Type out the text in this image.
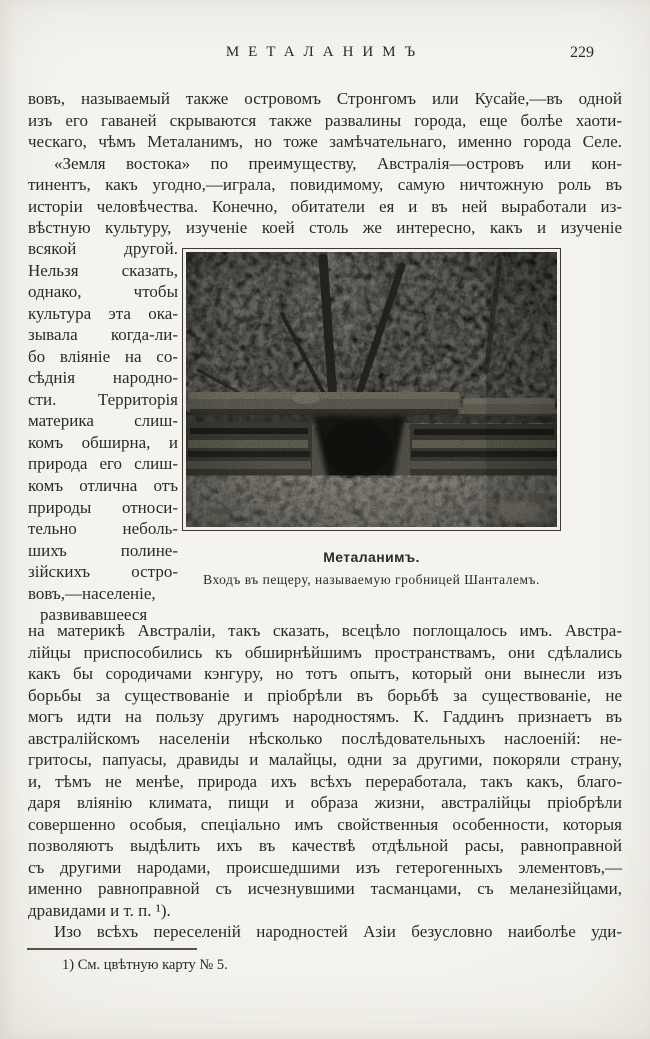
МЕТАЛАНИМЪ	229
вовъ, называемый также островомъ Стронгомъ или Кусайе,—въ одной
изъ его гаваней скрываются также развалины города, еще болѣе хаоти-
ческаго, чѣмъ Металанимъ, но тоже замѣчательнаго, именно города Селе.
«Земля востока» по преимуществу, Австралія—островъ или кон-
тинентъ, какъ угодно,—играла, повидимому, самую ничтожную роль въ
исторіи человѣчества. Конечно, обитатели ея и въ ней выработали из-
вѣстную культуру, изученіе коей столь же интересно, какъ и изученіе
всякой другой.
Нельзя сказать,
однако, чтобы
культура эта ока-
зывала когда-ли-
бо вліяніе на со-
сѣднія народно-
сти. Территорія
материка слиш-
комъ обширна, и
природа его слиш-
комъ отлична отъ
природы относи-
тельно неболь-
шихъ полине-
зійскихъ остро-
вовъ,—населеніе,
развивавшееся
Металанимъ.
Входъ въ пещеру, называемую гробницей Шанталемъ.
на материкѣ Австраліи, такъ сказать, всецѣло поглощалось имъ. Австра-
лійцы приспособились къ обширнѣйшимъ пространствамъ, они сдѣлались
какъ бы сородичами кэнгуру, но тотъ опытъ, который они вынесли изъ
борьбы за существованіе и пріобрѣли въ борьбѣ за существованіе, не
могъ идти на пользу другимъ народностямъ. К. Гаддинъ признаетъ въ
австралійскомъ населеніи нѣсколько послѣдовательныхъ наслоеній: не-
гритосы, папуасы, дравиды и малайцы, одни за другими, покоряли страну,
и, тѣмъ не менѣе, природа ихъ всѣхъ переработала, такъ какъ, благо-
даря вліянію климата, пищи и образа жизни, австралійцы пріобрѣли
совершенно особыя, спеціально имъ свойственныя особенности, которыя
позволяютъ выдѣлить ихъ въ качествѣ отдѣльной расы, равноправной
съ другими народами, происшедшими изъ гетерогенныхъ элементовъ,—
именно равноправной съ исчезнувшими тасманцами, съ меланезійцами,
дравидами и т. п. ¹).
Изо всѣхъ переселеній народностей Азіи безусловно наиболѣе уди-
1) См. цвѣтную карту № 5.
